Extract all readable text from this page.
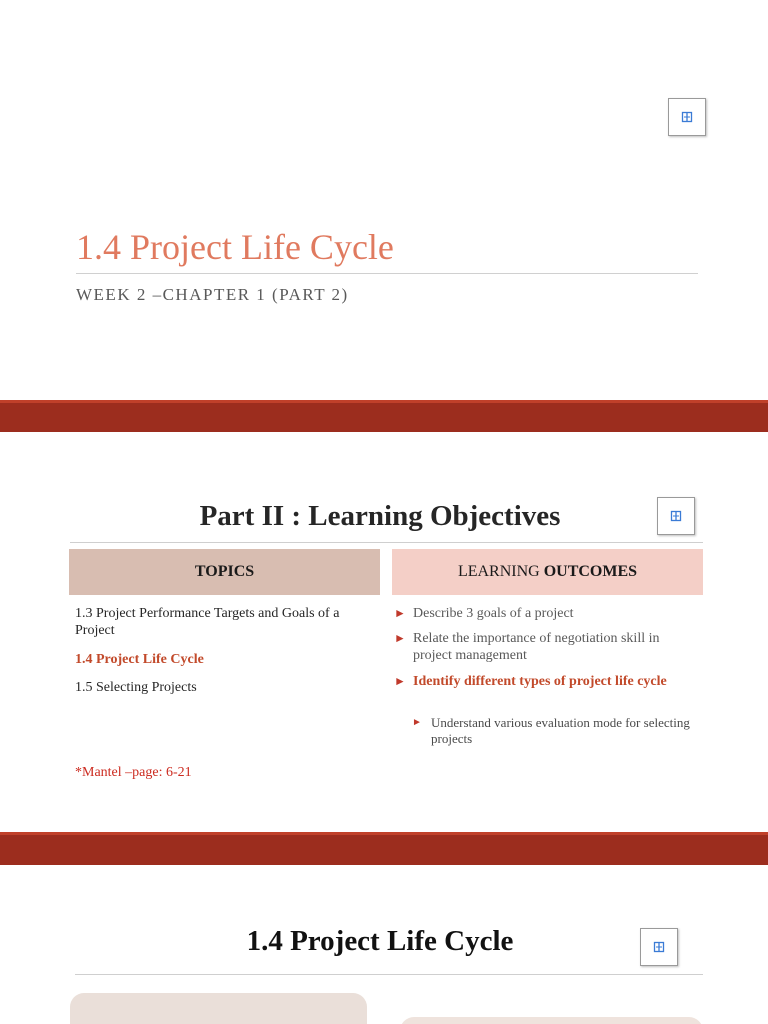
1.4 Project Life Cycle
WEEK 2 –CHAPTER 1 (PART 2)
Part II : Learning Objectives
TOPICS	LEARNING OUTCOMES
1.3 Project Performance Targets and Goals of a Project
1.4 Project Life Cycle
1.5 Selecting Projects
*Mantel –page: 6-21
► Describe 3 goals of a project
► Relate the importance of negotiation skill in project management
► Identify different types of project life cycle
► Understand various evaluation mode for selecting projects
1.4 Project Life Cycle
